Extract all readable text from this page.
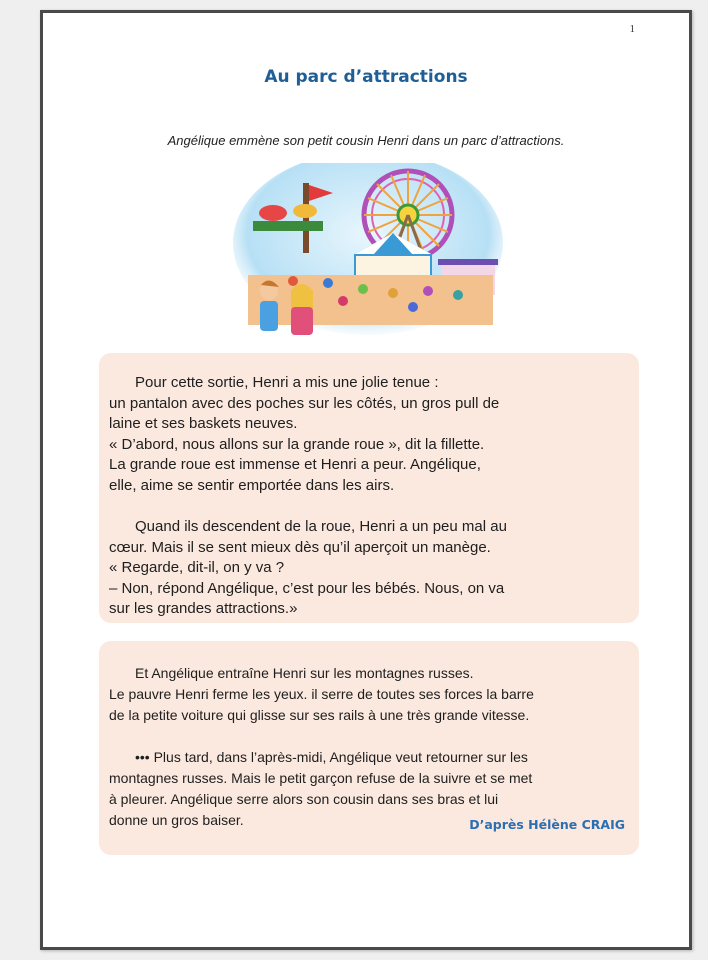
1
Au parc d’attractions
Angélique emmène son petit cousin Henri dans un parc d’attractions.

Pour cette sortie, Henri a mis une jolie tenue :
un pantalon avec des poches sur les côtés, un gros pull de
laine et ses baskets neuves.
« D’abord, nous allons sur la grande roue », dit la fillette.
La grande roue est immense et Henri a peur. Angélique,
elle, aime se sentir emportée dans les airs.

Quand ils descendent de la roue, Henri a un peu mal au
cœur. Mais il se sent mieux dès qu’il aperçoit un manège.
« Regarde, dit-il, on y va ?
– Non, répond Angélique, c’est pour les bébés. Nous, on va
sur les grandes attractions.»

Et Angélique entraîne Henri sur les montagnes russes.
Le pauvre Henri ferme les yeux. il serre de toutes ses forces la barre
de la petite voiture qui glisse sur ses rails à une très grande vitesse.

••• Plus tard, dans l’après-midi, Angélique veut retourner sur les
montagnes russes. Mais le petit garçon refuse de la suivre et se met
à pleurer. Angélique serre alors son cousin dans ses bras et lui
donne un gros baiser.	D’après Hélène CRAIG
